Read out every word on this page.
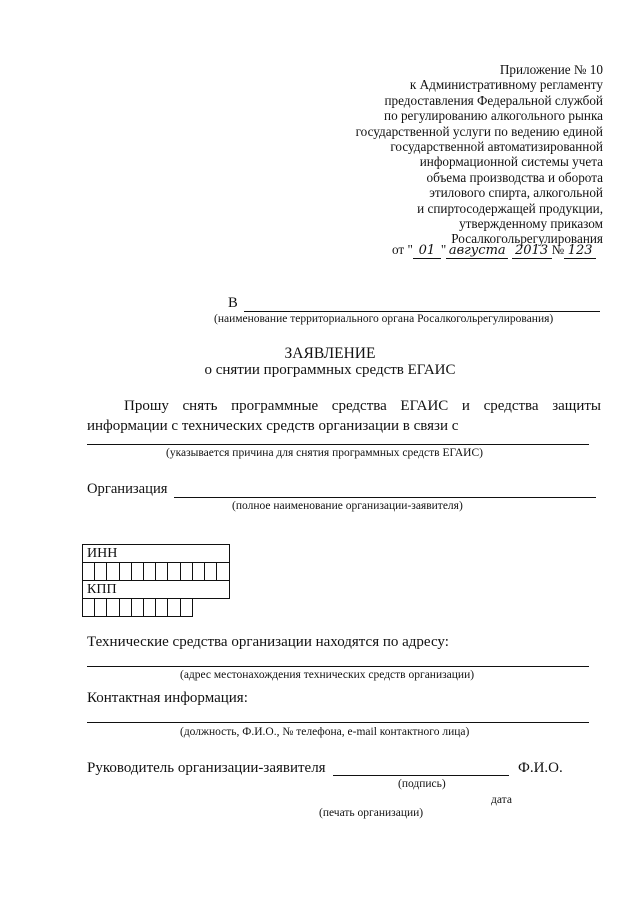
Приложение № 10
к Административному регламенту
предоставления Федеральной службой
по регулированию алкогольного рынка
государственной услуги по ведению единой
государственной автоматизированной
информационной системы учета
объема производства и оборота
этилового спирта, алкогольной
и спиртосодержащей продукции,
утвержденному приказом
Росалкогольрегулирования
от " 01 " августа 2013 № 123
В
(наименование территориального органа Росалкогольрегулирования)
ЗАЯВЛЕНИЕ
о снятии программных средств ЕГАИС
Прошу снять программные средства ЕГАИС и средства защиты
информации с технических средств организации в связи с
(указывается причина для снятия программных средств ЕГАИС)
Организация
(полное наименование организации-заявителя)
ИНН											

КПП											

Технические средства организации находятся по адресу:
(адрес местонахождения технических средств организации)
Контактная информация:
(должность, Ф.И.О., № телефона, e-mail контактного лица)
Руководитель организации-заявителя	Ф.И.О.
(подпись)
дата
(печать организации)
